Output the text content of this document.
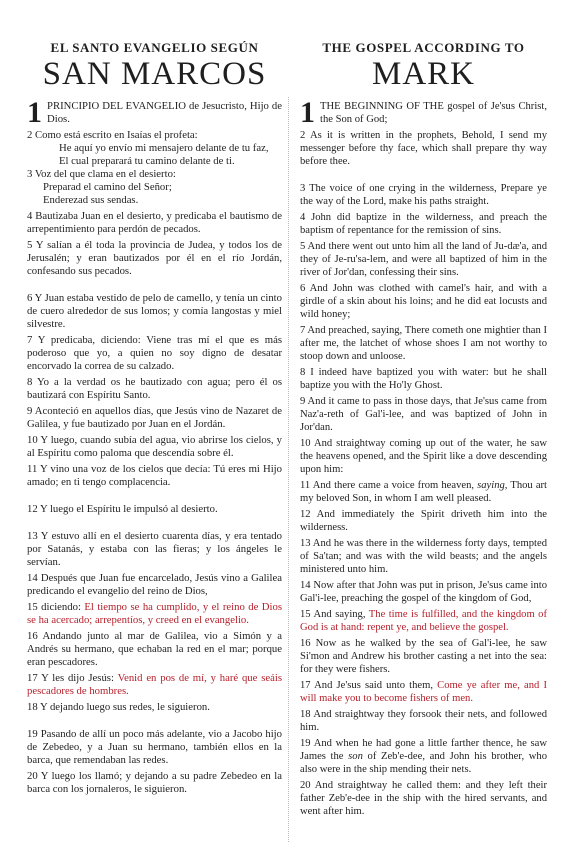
EL SANTO EVANGELIO SEGÚN
SAN MARCOS
1 PRINCIPIO DEL EVANGELIO de Jesucristo, Hijo de Dios.
2 Como está escrito en Isaías el profeta:
He aquí yo envío mi mensajero delante de tu faz,
El cual preparará tu camino delante de ti.
3 Voz del que clama en el desierto:
Preparad el camino del Señor;
Enderezad sus sendas.
4 Bautizaba Juan en el desierto, y predicaba el bautismo de arrepentimiento para perdón de pecados.
5 Y salían a él toda la provincia de Judea, y todos los de Jerusalén; y eran bautizados por él en el río Jordán, confesando sus pecados.
6 Y Juan estaba vestido de pelo de camello, y tenía un cinto de cuero alrededor de sus lomos; y comía langostas y miel silvestre.
7 Y predicaba, diciendo: Viene tras mí el que es más poderoso que yo, a quien no soy digno de desatar encorvado la correa de su calzado.
8 Yo a la verdad os he bautizado con agua; pero él os bautizará con Espíritu Santo.
9 Aconteció en aquellos días, que Jesús vino de Nazaret de Galilea, y fue bautizado por Juan en el Jordán.
10 Y luego, cuando subía del agua, vio abrirse los cielos, y al Espíritu como paloma que descendía sobre él.
11 Y vino una voz de los cielos que decía: Tú eres mi Hijo amado; en ti tengo complacencia.
12 Y luego el Espíritu le impulsó al desierto.
13 Y estuvo allí en el desierto cuarenta días, y era tentado por Satanás, y estaba con las fieras; y los ángeles le servían.
14 Después que Juan fue encarcelado, Jesús vino a Galilea predicando el evangelio del reino de Dios,
15 diciendo: El tiempo se ha cumplido, y el reino de Dios se ha acercado; arrepentíos, y creed en el evangelio.
16 Andando junto al mar de Galilea, vio a Simón y a Andrés su hermano, que echaban la red en el mar; porque eran pescadores.
17 Y les dijo Jesús: Venid en pos de mí, y haré que seáis pescadores de hombres.
18 Y dejando luego sus redes, le siguieron.
19 Pasando de allí un poco más adelante, vio a Jacobo hijo de Zebedeo, y a Juan su hermano, también ellos en la barca, que remendaban las redes.
20 Y luego los llamó; y dejando a su padre Zebedeo en la barca con los jornaleros, le siguieron.
THE GOSPEL ACCORDING TO
MARK
1 THE BEGINNING OF THE gospel of Je'sus Christ, the Son of God;
2 As it is written in the prophets, Behold, I send my messenger before thy face, which shall prepare thy way before thee.
3 The voice of one crying in the wilderness, Prepare ye the way of the Lord, make his paths straight.
4 John did baptize in the wilderness, and preach the baptism of repentance for the remission of sins.
5 And there went out unto him all the land of Ju-dæ'a, and they of Je-ru'sa-lem, and were all baptized of him in the river of Jor'dan, confessing their sins.
6 And John was clothed with camel's hair, and with a girdle of a skin about his loins; and he did eat locusts and wild honey;
7 And preached, saying, There cometh one mightier than I after me, the latchet of whose shoes I am not worthy to stoop down and unloose.
8 I indeed have baptized you with water: but he shall baptize you with the Ho'ly Ghost.
9 And it came to pass in those days, that Je'sus came from Naz'a-reth of Gal'i-lee, and was baptized of John in Jor'dan.
10 And straightway coming up out of the water, he saw the heavens opened, and the Spirit like a dove descending upon him:
11 And there came a voice from heaven, saying, Thou art my beloved Son, in whom I am well pleased.
12 And immediately the Spirit driveth him into the wilderness.
13 And he was there in the wilderness forty days, tempted of Sa'tan; and was with the wild beasts; and the angels ministered unto him.
14 Now after that John was put in prison, Je'sus came into Gal'i-lee, preaching the gospel of the kingdom of God,
15 And saying, The time is fulfilled, and the kingdom of God is at hand: repent ye, and believe the gospel.
16 Now as he walked by the sea of Gal'i-lee, he saw Si'mon and Andrew his brother casting a net into the sea: for they were fishers.
17 And Je'sus said unto them, Come ye after me, and I will make you to become fishers of men.
18 And straightway they forsook their nets, and followed him.
19 And when he had gone a little farther thence, he saw James the son of Zeb'e-dee, and John his brother, who also were in the ship mending their nets.
20 And straightway he called them: and they left their father Zeb'e-dee in the ship with the hired servants, and went after him.
